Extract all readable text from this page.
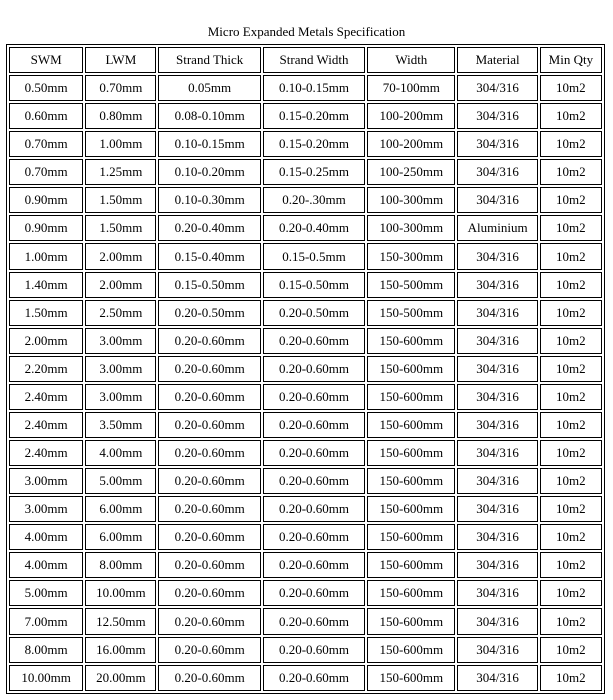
Micro Expanded Metals Specification
SWM	LWM	Strand Thick	Strand Width	Width	Material	Min Qty
0.50mm	0.70mm	0.05mm	0.10-0.15mm	70-100mm	304/316	10m2
0.60mm	0.80mm	0.08-0.10mm	0.15-0.20mm	100-200mm	304/316	10m2
0.70mm	1.00mm	0.10-0.15mm	0.15-0.20mm	100-200mm	304/316	10m2
0.70mm	1.25mm	0.10-0.20mm	0.15-0.25mm	100-250mm	304/316	10m2
0.90mm	1.50mm	0.10-0.30mm	0.20-.30mm	100-300mm	304/316	10m2
0.90mm	1.50mm	0.20-0.40mm	0.20-0.40mm	100-300mm	Aluminium	10m2
1.00mm	2.00mm	0.15-0.40mm	0.15-0.5mm	150-300mm	304/316	10m2
1.40mm	2.00mm	0.15-0.50mm	0.15-0.50mm	150-500mm	304/316	10m2
1.50mm	2.50mm	0.20-0.50mm	0.20-0.50mm	150-500mm	304/316	10m2
2.00mm	3.00mm	0.20-0.60mm	0.20-0.60mm	150-600mm	304/316	10m2
2.20mm	3.00mm	0.20-0.60mm	0.20-0.60mm	150-600mm	304/316	10m2
2.40mm	3.00mm	0.20-0.60mm	0.20-0.60mm	150-600mm	304/316	10m2
2.40mm	3.50mm	0.20-0.60mm	0.20-0.60mm	150-600mm	304/316	10m2
2.40mm	4.00mm	0.20-0.60mm	0.20-0.60mm	150-600mm	304/316	10m2
3.00mm	5.00mm	0.20-0.60mm	0.20-0.60mm	150-600mm	304/316	10m2
3.00mm	6.00mm	0.20-0.60mm	0.20-0.60mm	150-600mm	304/316	10m2
4.00mm	6.00mm	0.20-0.60mm	0.20-0.60mm	150-600mm	304/316	10m2
4.00mm	8.00mm	0.20-0.60mm	0.20-0.60mm	150-600mm	304/316	10m2
5.00mm	10.00mm	0.20-0.60mm	0.20-0.60mm	150-600mm	304/316	10m2
7.00mm	12.50mm	0.20-0.60mm	0.20-0.60mm	150-600mm	304/316	10m2
8.00mm	16.00mm	0.20-0.60mm	0.20-0.60mm	150-600mm	304/316	10m2
10.00mm	20.00mm	0.20-0.60mm	0.20-0.60mm	150-600mm	304/316	10m2
